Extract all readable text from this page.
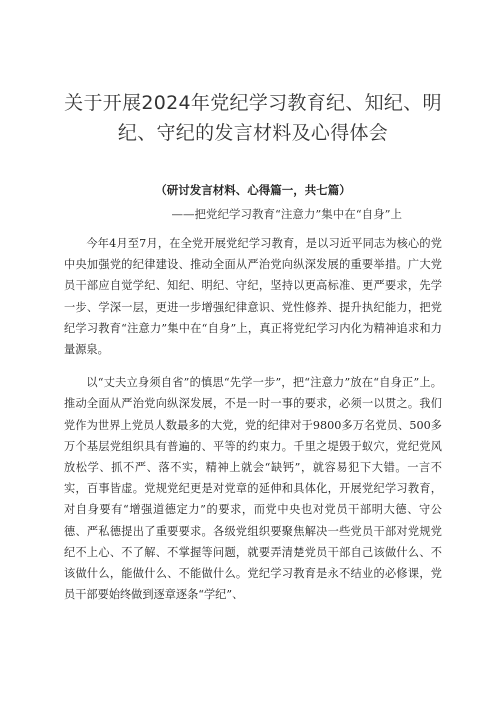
关于开展2024年党纪学习教育纪、知纪、明纪、守纪的发言材料及心得体会
（研讨发言材料、心得篇一，共七篇）
——把党纪学习教育“注意力”集中在“自身”上

今年4月至7月，在全党开展党纪学习教育，是以习近平同志为核心的党中央加强党的纪律建设、推动全面从严治党向纵深发展的重要举措。广大党员干部应自觉学纪、知纪、明纪、守纪，坚持以更高标准、更严要求，先学一步、学深一层，更进一步增强纪律意识、党性修养、提升执纪能力，把党纪学习教育“注意力”集中在“自身”上，真正将党纪学习内化为精神追求和力量源泉。

以“丈夫立身须自省”的慎思“先学一步”，把“注意力”放在“自身正”上。推动全面从严治党向纵深发展，不是一时一事的要求，必须一以贯之。我们党作为世界上党员人数最多的大党，党的纪律对于9800多万名党员、500多万个基层党组织具有普遍的、平等的约束力。千里之堤毁于蚁穴，党纪党风放松学、抓不严、落不实，精神上就会“缺钙”，就容易犯下大错。一言不实，百事皆虚。党规党纪更是对党章的延伸和具体化，开展党纪学习教育，对自身要有“增强道德定力”的要求，而党中央也对党员干部明大德、守公德、严私德提出了重要要求。各级党组织要聚焦解决一些党员干部对党规党纪不上心、不了解、不掌握等问题，就要弄清楚党员干部自己该做什么、不该做什么，能做什么、不能做什么。党纪学习教育是永不结业的必修课，党员干部要始终做到逐章逐条“学纪”、
